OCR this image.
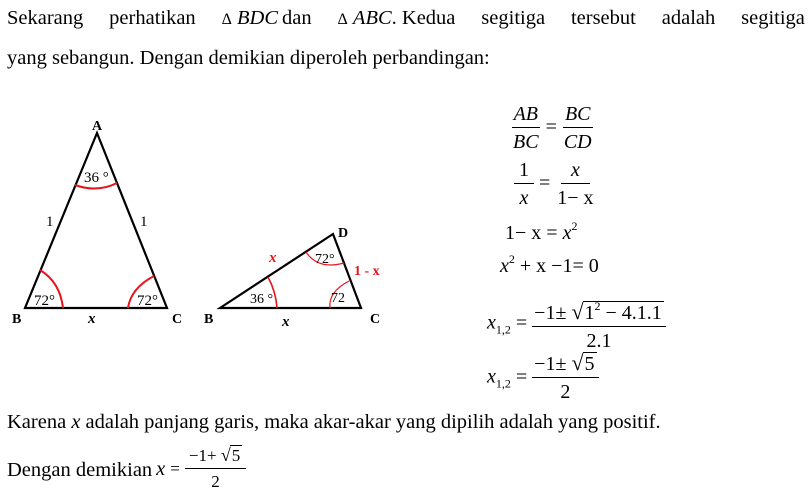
Sekarang perhatikan Δ BDC dan Δ ABC. Kedua segitiga tersebut adalah segitiga
yang sebangun. Dengan demikian diperoleh perbandingan:
A
B	C
36 °
72°	72°
1	1
x
D
B	C
36 °
72°
72
x
1 - x
x
$\frac{AB}{BC} = \frac{BC}{CD}$
$\frac{1}{x} = \frac{x}{1- x}$
$1- x = x^2$
$x^2 + x -1= 0$
$x_{1,2} = \frac{-1\pm √1^2 - 4.1.1}{2.1}$
$x_{1,2} = \frac{-1\pm √5}{2}$
Karena x adalah panjang garis, maka akar-akar yang dipilih adalah yang positif.
Dengan demikian $x = \frac{-1+ √5}{2}$
